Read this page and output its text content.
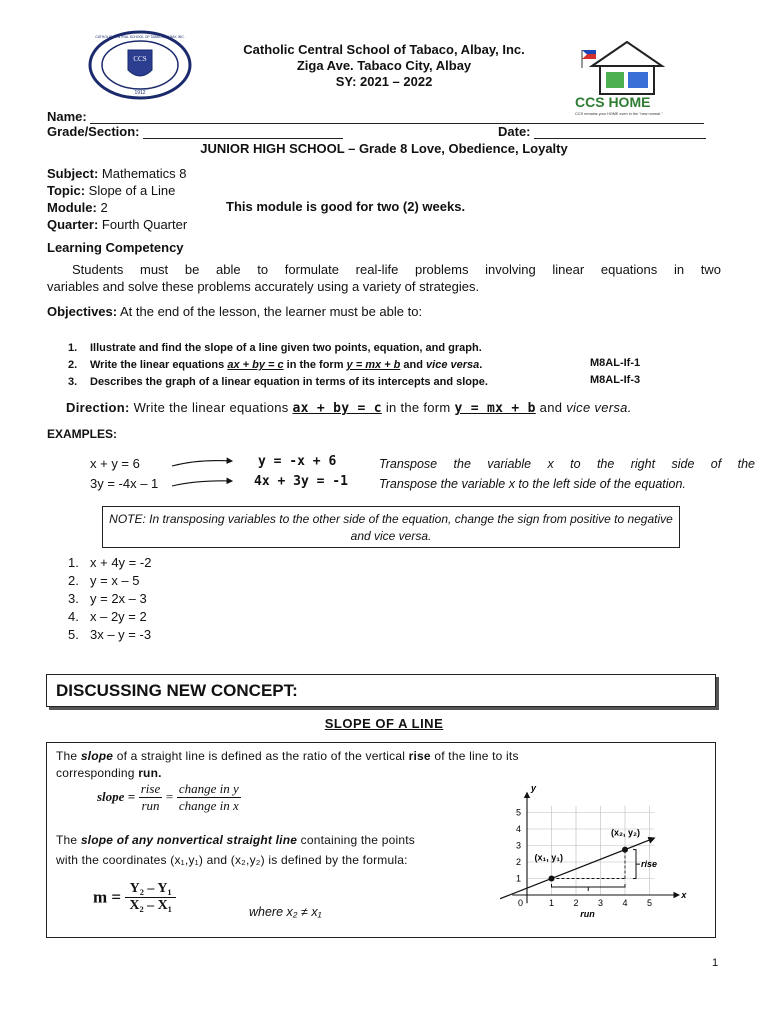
CCS
1912
CATHOLIC CENTRAL SCHOOL OF TABACO, ALBAY, INC.
Catholic Central School of Tabaco, Albay, Inc.
Ziga Ave. Tabaco City, Albay
SY: 2021 – 2022
CCS HOME
CCS remains your HOME even in the "new normal."
Name:
Grade/Section:	Date:
JUNIOR HIGH SCHOOL – Grade 8 Love, Obedience, Loyalty
Subject: Mathematics 8
Topic: Slope of a Line
Module: 2
Quarter: Fourth Quarter
This module is good for two (2) weeks.
Learning Competency
Students must be able to formulate real-life problems involving linear equations in two
variables and solve these problems accurately using a variety of strategies.
Objectives: At the end of the lesson, the learner must be able to:
1. Illustrate and find the slope of a line given two points, equation, and graph.
2. Write the linear equations ax + by = c in the form y = mx + b and vice versa.
3. Describes the graph of a linear equation in terms of its intercepts and slope.
M8AL-If-1
M8AL-If-3
Direction: Write the linear equations ax + by = c in the form y = mx + b and vice versa.
EXAMPLES:
x + y = 6
3y = -4x – 1
y = -x + 6
4x + 3y = -1
Transpose the variable x to the right side of the
Transpose the variable x to the left side of the equation.
NOTE: In transposing variables to the other side of the equation, change the sign from positive to negative and vice versa.
1. x + 4y = -2
2. y = x – 5
3. y = 2x – 3
4. x – 2y = 2
5. 3x – y = -3
DISCUSSING NEW CONCEPT:
SLOPE OF A LINE
The slope of a straight line is defined as the ratio of the vertical rise of the line to its
corresponding run.
slope = $\frac{\text{rise}}{\text{run}} = \frac{\text{change in y}}{\text{change in x}}$
The slope of any nonvertical straight line containing the points
with the coordinates (x₁,y₁) and (x₂,y₂) is defined by the formula:
$m = \frac{\text{Y₂ – Y₁}}{\text{X₂ – X₁}}$	where x₂ ≠ x₁
y
x
1
2
3
4
5
1 2 3 4 5
0
(x₁, y₁)
(x₂, y₂)
rise
run
1
